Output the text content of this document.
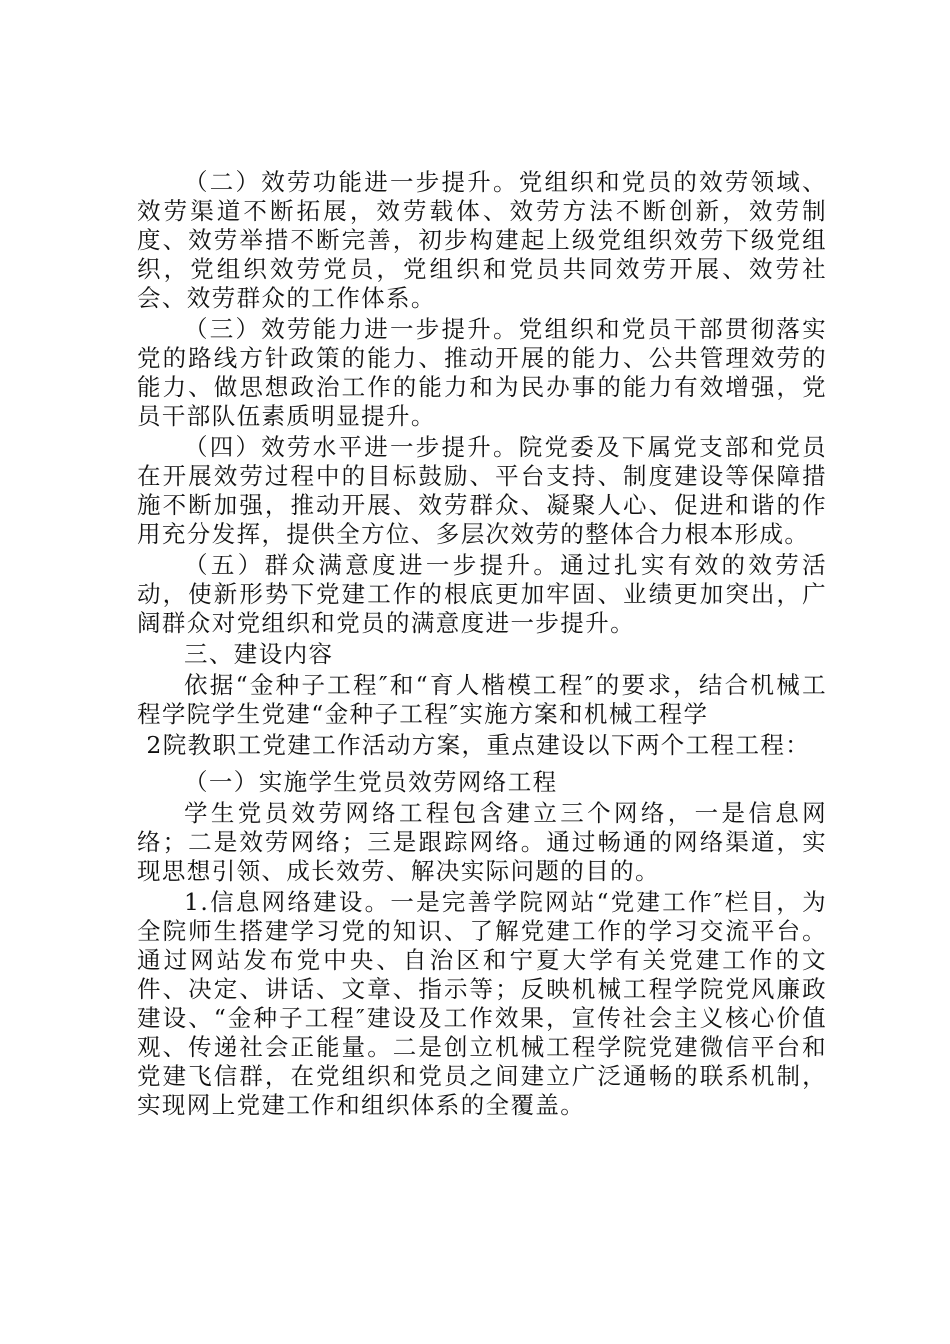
（二）效劳功能进一步提升。党组织和党员的效劳领域、效劳渠道不断拓展，效劳载体、效劳方法不断创新，效劳制度、效劳举措不断完善，初步构建起上级党组织效劳下级党组织，党组织效劳党员，党组织和党员共同效劳开展、效劳社会、效劳群众的工作体系。

（三）效劳能力进一步提升。党组织和党员干部贯彻落实党的路线方针政策的能力、推动开展的能力、公共管理效劳的能力、做思想政治工作的能力和为民办事的能力有效增强，党员干部队伍素质明显提升。

（四）效劳水平进一步提升。院党委及下属党支部和党员在开展效劳过程中的目标鼓励、平台支持、制度建设等保障措施不断加强，推动开展、效劳群众、凝聚人心、促进和谐的作用充分发挥，提供全方位、多层次效劳的整体合力根本形成。

（五）群众满意度进一步提升。通过扎实有效的效劳活动，使新形势下党建工作的根底更加牢固、业绩更加突出，广阔群众对党组织和党员的满意度进一步提升。

三、建设内容

依据“金种子工程″和“育人楷模工程″的要求，结合机械工程学院学生党建“金种子工程″实施方案和机械工程学

2院教职工党建工作活动方案，重点建设以下两个工程工程：

（一）实施学生党员效劳网络工程

学生党员效劳网络工程包含建立三个网络，一是信息网络；二是效劳网络；三是跟踪网络。通过畅通的网络渠道，实现思想引领、成长效劳、解决实际问题的目的。

1.信息网络建设。一是完善学院网站“党建工作″栏目，为全院师生搭建学习党的知识、了解党建工作的学习交流平台。通过网站发布党中央、自治区和宁夏大学有关党建工作的文件、决定、讲话、文章、指示等；反映机械工程学院党风廉政建设、“金种子工程″建设及工作效果，宣传社会主义核心价值观、传递社会正能量。二是创立机械工程学院党建微信平台和党建飞信群，在党组织和党员之间建立广泛通畅的联系机制，实现网上党建工作和组织体系的全覆盖。
